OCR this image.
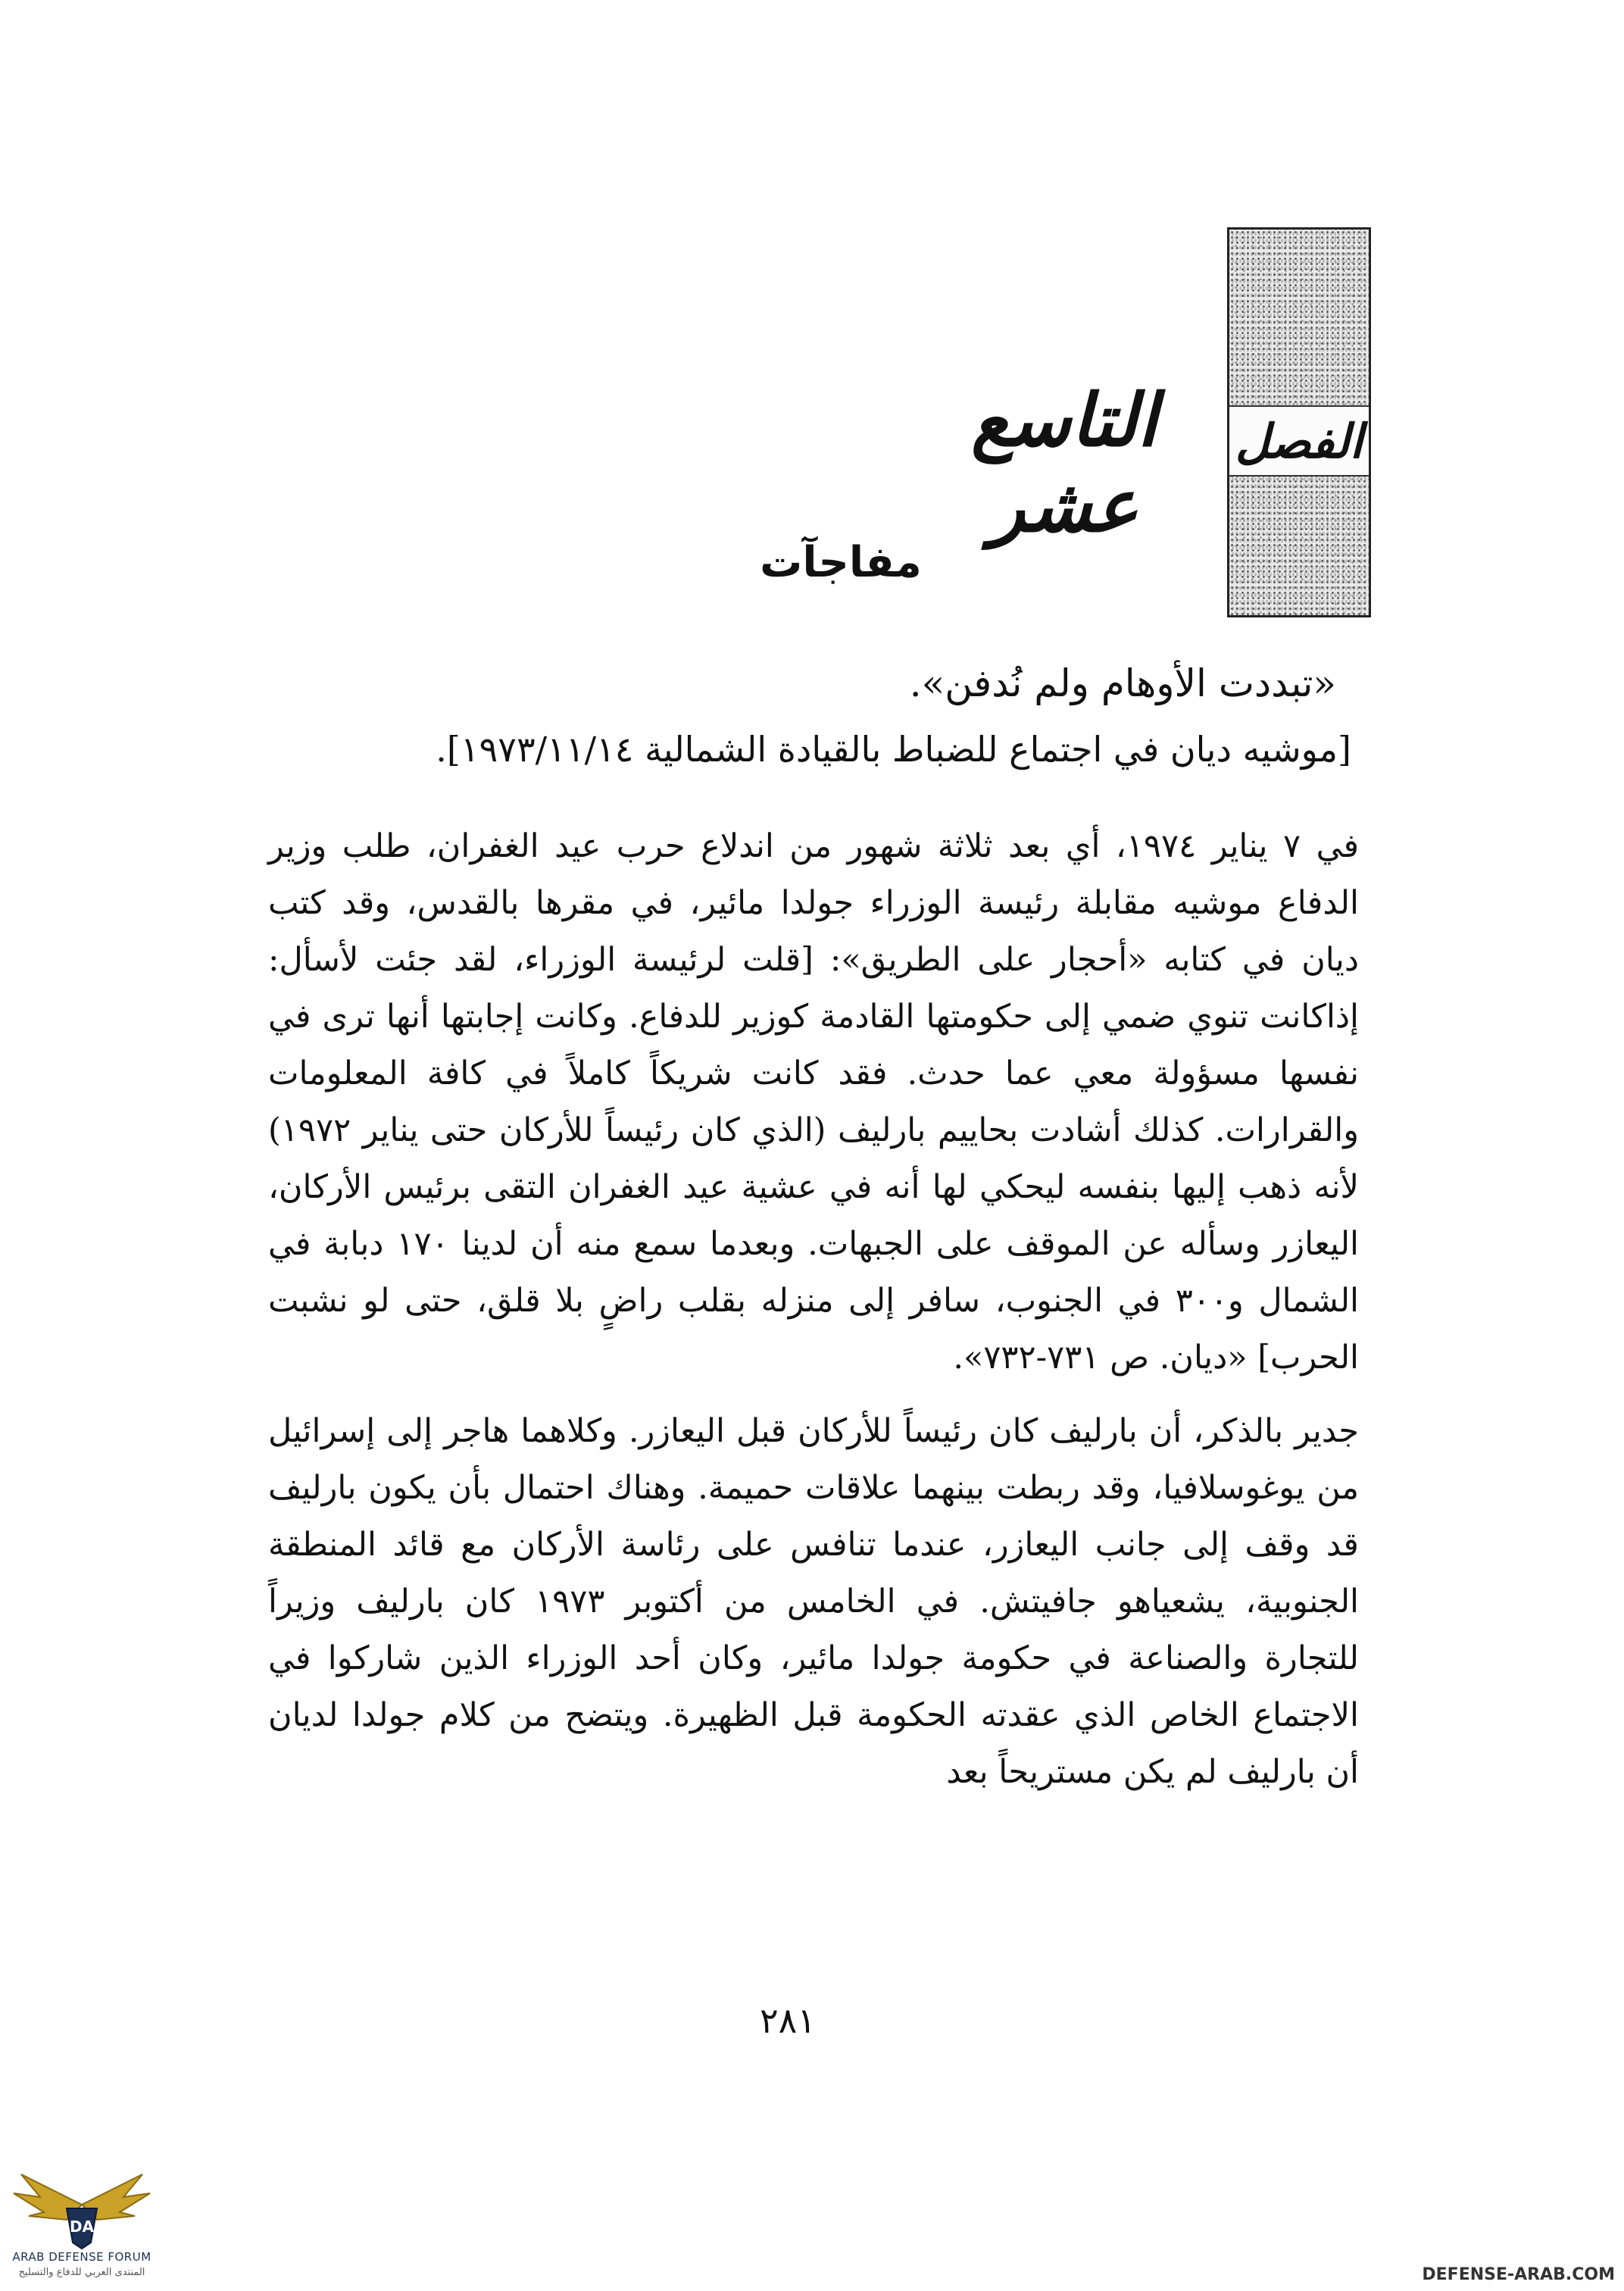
الفصل
التاسع عشر
مفاجآت
«تبددت الأوهام ولم نُدفن».
[موشيه ديان في اجتماع للضباط بالقيادة الشمالية ١٩٧٣/١١/١٤].

في ٧ يناير ١٩٧٤، أي بعد ثلاثة شهور من اندلاع حرب عيد الغفران، طلب وزير الدفاع موشيه مقابلة رئيسة الوزراء جولدا مائير، في مقرها بالقدس، وقد كتب ديان في كتابه «أحجار على الطريق»: [قلت لرئيسة الوزراء، لقد جئت لأسأل: إذاكانت تنوي ضمي إلى حكومتها القادمة كوزير للدفاع. وكانت إجابتها أنها ترى في نفسها مسؤولة معي عما حدث. فقد كانت شريكاً كاملاً في كافة المعلومات والقرارات. كذلك أشادت بحاييم بارليف (الذي كان رئيساً للأركان حتى يناير ١٩٧٢) لأنه ذهب إليها بنفسه ليحكي لها أنه في عشية عيد الغفران التقى برئيس الأركان، اليعازر وسأله عن الموقف على الجبهات. وبعدما سمع منه أن لدينا ١٧٠ دبابة في الشمال و٣٠٠ في الجنوب، سافر إلى منزله بقلب راضٍ بلا قلق، حتى لو نشبت الحرب] «ديان. ص ٧٣١-٧٣٢».

جدير بالذكر، أن بارليف كان رئيساً للأركان قبل اليعازر. وكلاهما هاجر إلى إسرائيل من يوغوسلافيا، وقد ربطت بينهما علاقات حميمة. وهناك احتمال بأن يكون بارليف قد وقف إلى جانب اليعازر، عندما تنافس على رئاسة الأركان مع قائد المنطقة الجنوبية، يشعياهو جافيتش. في الخامس من أكتوبر ١٩٧٣ كان بارليف وزيراً للتجارة والصناعة في حكومة جولدا مائير، وكان أحد الوزراء الذين شاركوا في الاجتماع الخاص الذي عقدته الحكومة قبل الظهيرة. ويتضح من كلام جولدا لديان أن بارليف لم يكن مستريحاً بعد

٢٨١
DA
ARAB DEFENSE FORUM
المنتدى العربي للدفاع والتسليح	DEFENSE-ARAB.COM
